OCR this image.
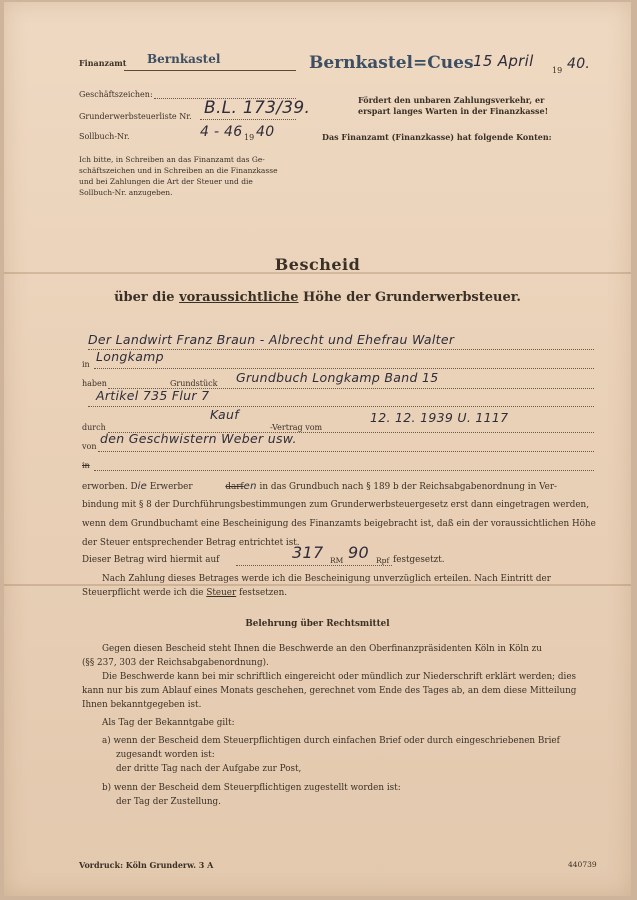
Finanzamt Bernkastel	Bernkastel=Cues 15 April
19 40.
Geschäftszeichen:
Grunderwerbsteuerliste Nr. B.L. 173/39.
Sollbuch-Nr.	4 - 46 19 40
Ich bitte, in Schreiben an das Finanzamt das Ge-
schäftszeichen und in Schreiben an die Finanzkasse
und bei Zahlungen die Art der Steuer und die
Sollbuch-Nr. anzugeben.
Fördert den unbaren Zahlungsverkehr, er
erspart langes Warten in der Finanzkasse!
Das Finanzamt (Finanzkasse) hat folgende Konten:
Bescheid
über die voraussichtliche Höhe der Grunderwerbsteuer.
Der Landwirt Franz Braun - Albrecht und Ehefrau Walter
in
Longkamp
haben	Grundstück Grundbuch Longkamp Band 15
Artikel 735 Flur 7
durch
Kauf
-Vertrag vom
12. 12. 1939 U. 1117
von
den Geschwistern Weber usw.
in
erworben. Die Erwerber	darfen in das Grundbuch nach § 189 b der Reichsabgabenordnung in Ver-
bindung mit § 8 der Durchführungsbestimmungen zum Grunderwerbsteuergesetz erst dann eingetragen werden,
wenn dem Grundbuchamt eine Bescheinigung des Finanzamts beigebracht ist, daß ein der voraussichtlichen Höhe
der Steuer entsprechender Betrag entrichtet ist.
Dieser Betrag wird hiermit auf	317 RM 90 Rpf festgesetzt.
Nach Zahlung dieses Betrages werde ich die Bescheinigung unverzüglich erteilen. Nach Eintritt der
Steuerpflicht werde ich die Steuer festsetzen.
Belehrung über Rechtsmittel
Gegen diesen Bescheid steht Ihnen die Beschwerde an den Oberfinanzpräsidenten Köln in Köln zu
(§§ 237, 303 der Reichsabgabenordnung).
Die Beschwerde kann bei mir schriftlich eingereicht oder mündlich zur Niederschrift erklärt werden; dies
kann nur bis zum Ablauf eines Monats geschehen, gerechnet vom Ende des Tages ab, an dem diese Mitteilung
Ihnen bekanntgegeben ist.
Als Tag der Bekanntgabe gilt:
a) wenn der Bescheid dem Steuerpflichtigen durch einfachen Brief oder durch eingeschriebenen Brief
zugesandt worden ist:
der dritte Tag nach der Aufgabe zur Post,
b) wenn der Bescheid dem Steuerpflichtigen zugestellt worden ist:
der Tag der Zustellung.
Vordruck: Köln Grunderw. 3 A	440739
